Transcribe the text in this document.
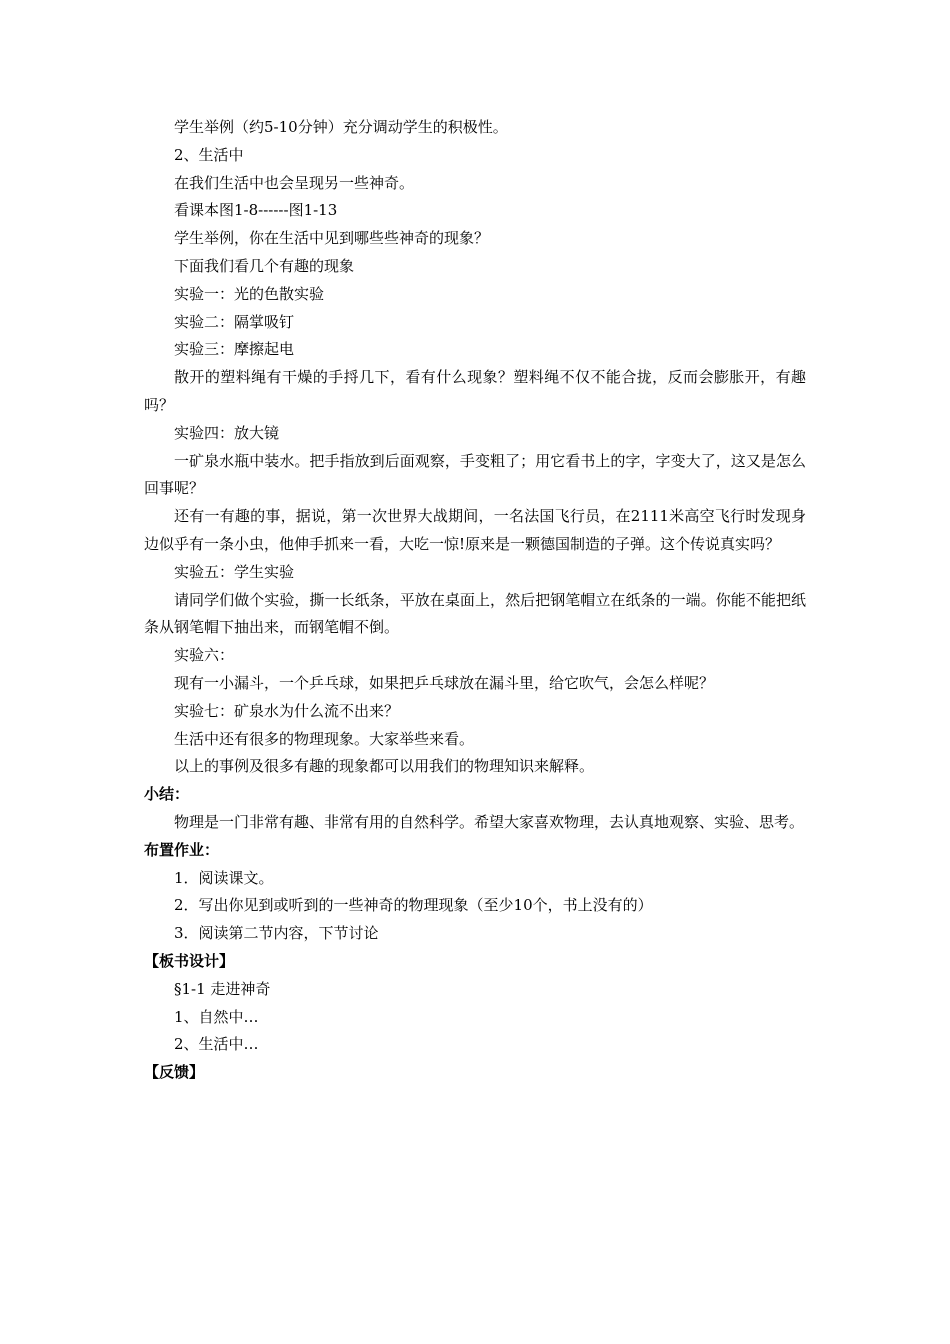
学生举例（约5-10分钟）充分调动学生的积极性。

2、生活中

在我们生活中也会呈现另一些神奇。

看课本图1-8------图1-13

学生举例，你在生活中见到哪些些神奇的现象？

下面我们看几个有趣的现象

实验一：光的色散实验

实验二：隔掌吸钉

实验三：摩擦起电

散开的塑料绳有干燥的手捋几下，看有什么现象？塑料绳不仅不能合拢，反而会膨胀开，有趣吗？

实验四：放大镜

一矿泉水瓶中装水。把手指放到后面观察，手变粗了；用它看书上的字，字变大了，这又是怎么回事呢？

还有一有趣的事，据说，第一次世界大战期间，一名法国飞行员，在2111米高空飞行时发现身边似乎有一条小虫，他伸手抓来一看，大吃一惊!原来是一颗德国制造的子弹。这个传说真实吗？

实验五：学生实验

请同学们做个实验，撕一长纸条，平放在桌面上，然后把钢笔帽立在纸条的一端。你能不能把纸条从钢笔帽下抽出来，而钢笔帽不倒。

实验六：

现有一小漏斗，一个乒乓球，如果把乒乓球放在漏斗里，给它吹气，会怎么样呢？

实验七：矿泉水为什么流不出来？

生活中还有很多的物理现象。大家举些来看。

以上的事例及很多有趣的现象都可以用我们的物理知识来解释。

小结：

物理是一门非常有趣、非常有用的自然科学。希望大家喜欢物理，去认真地观察、实验、思考。

布置作业：

1．阅读课文。

2．写出你见到或听到的一些神奇的物理现象（至少10个，书上没有的）

3．阅读第二节内容，下节讨论

【板书设计】

§1-1 走进神奇

1、自然中…

2、生活中…

【反馈】
